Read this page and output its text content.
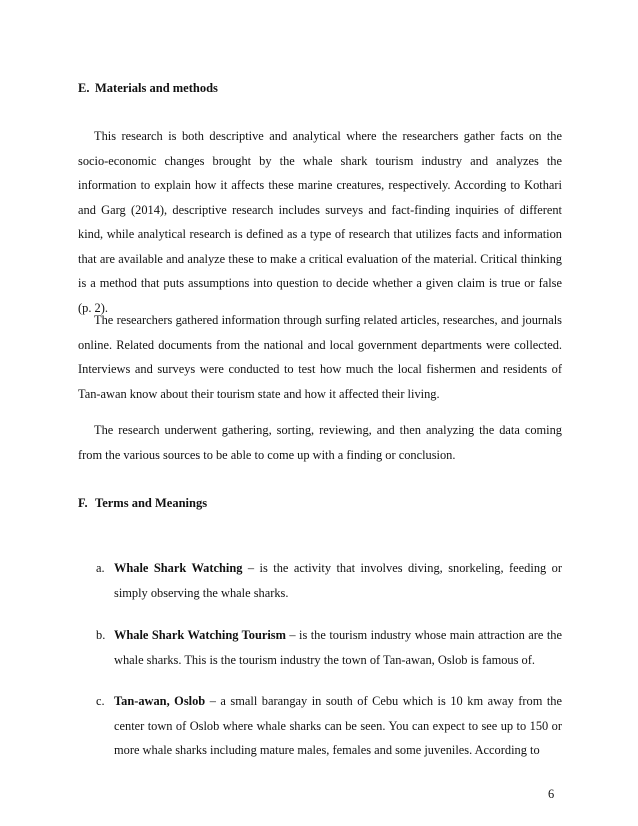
E. Materials and methods

This research is both descriptive and analytical where the researchers gather facts on the socio-economic changes brought by the whale shark tourism industry and analyzes the information to explain how it affects these marine creatures, respectively. According to Kothari and Garg (2014), descriptive research includes surveys and fact-finding inquiries of different kind, while analytical research is defined as a type of research that utilizes facts and information that are available and analyze these to make a critical evaluation of the material. Critical thinking is a method that puts assumptions into question to decide whether a given claim is true or false (p. 2).

The researchers gathered information through surfing related articles, researches, and journals online. Related documents from the national and local government departments were collected. Interviews and surveys were conducted to test how much the local fishermen and residents of Tan-awan know about their tourism state and how it affected their living.

The research underwent gathering, sorting, reviewing, and then analyzing the data coming from the various sources to be able to come up with a finding or conclusion.

F. Terms and Meanings
a. Whale Shark Watching – is the activity that involves diving, snorkeling, feeding or simply observing the whale sharks.
b. Whale Shark Watching Tourism – is the tourism industry whose main attraction are the whale sharks. This is the tourism industry the town of Tan-awan, Oslob is famous of.
c. Tan-awan, Oslob – a small barangay in south of Cebu which is 10 km away from the center town of Oslob where whale sharks can be seen. You can expect to see up to 150 or more whale sharks including mature males, females and some juveniles. According to
6
